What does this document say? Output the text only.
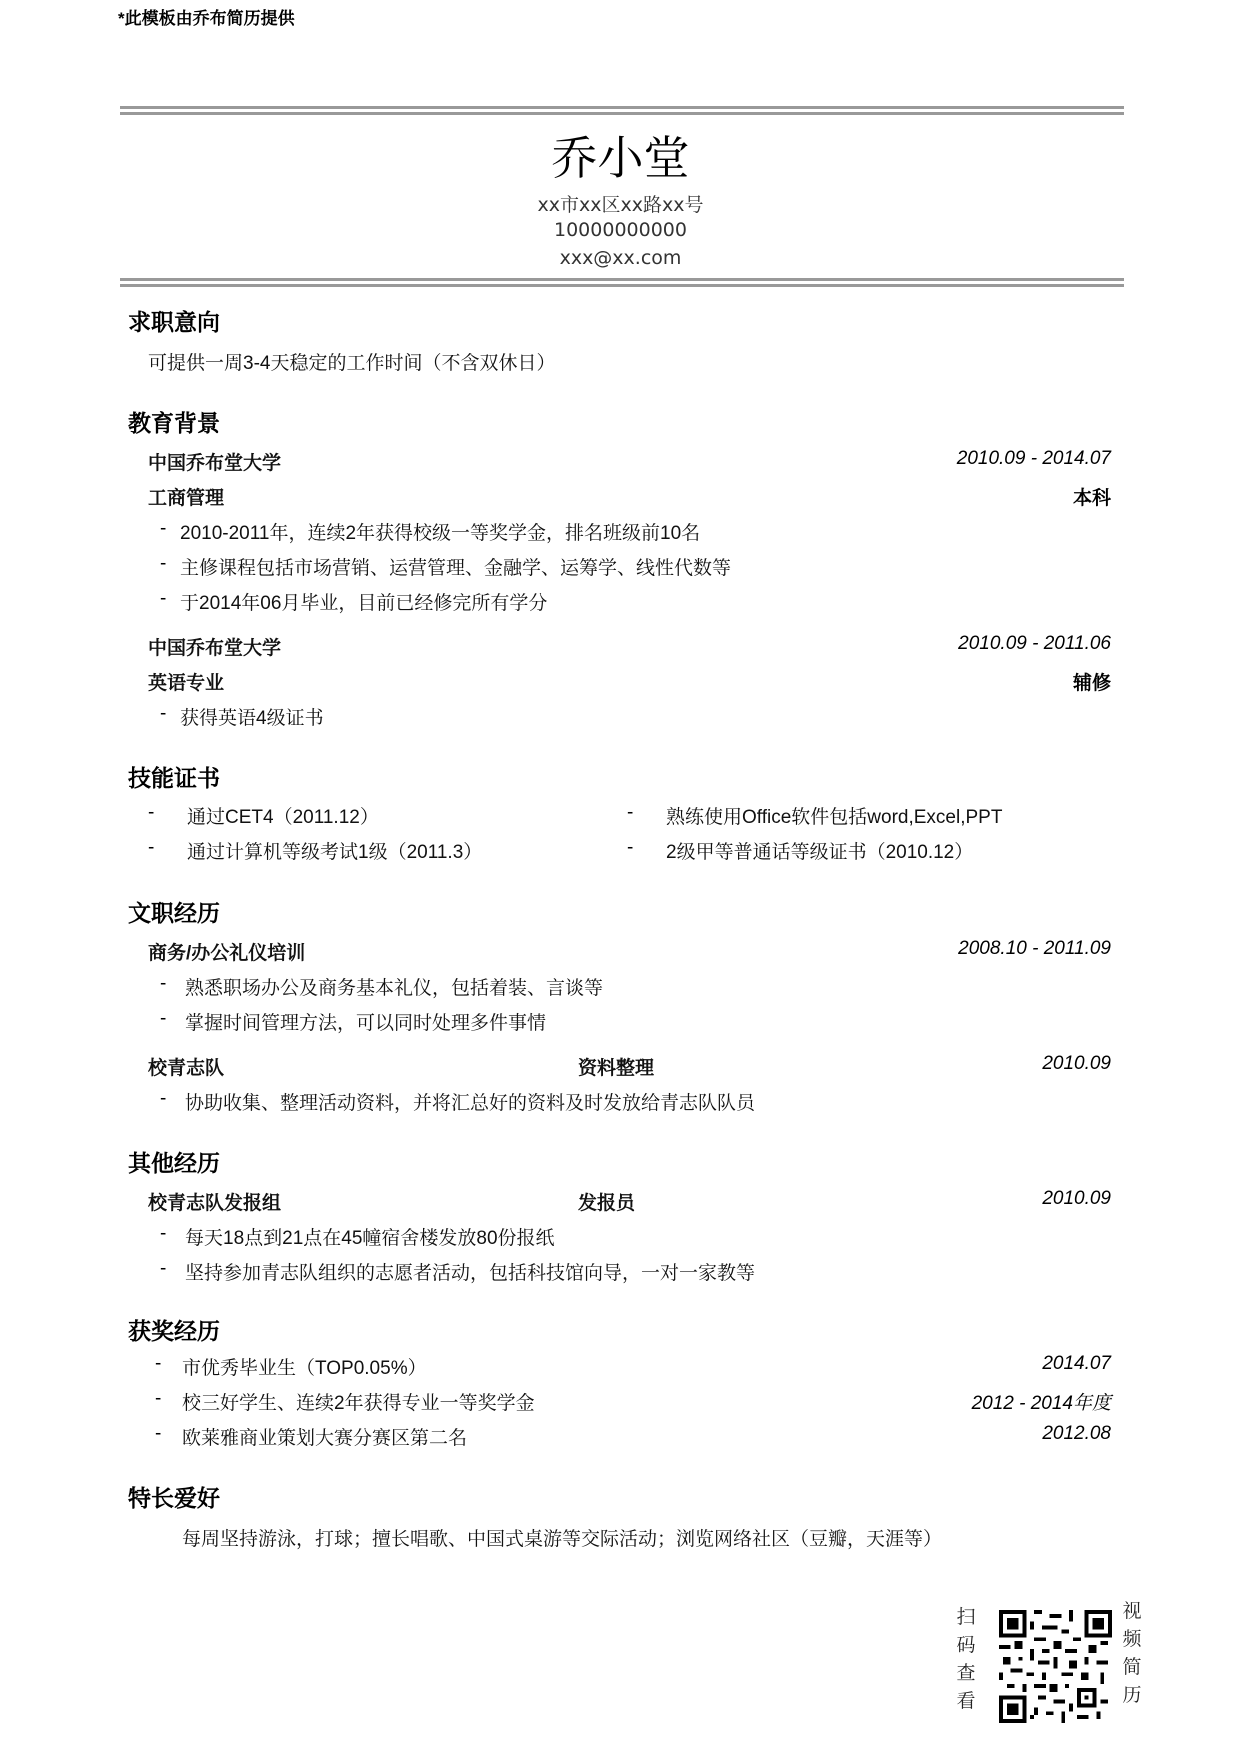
*此模板由乔布简历提供
乔小堂
xx市xx区xx路xx号
10000000000
xxx@xx.com
求职意向
可提供一周3-4天稳定的工作时间（不含双休日）
教育背景
中国乔布堂大学	2010.09 - 2014.07
工商管理	本科
- 2010-2011年，连续2年获得校级一等奖学金，排名班级前10名
- 主修课程包括市场营销、运营管理、金融学、运筹学、线性代数等
- 于2014年06月毕业，目前已经修完所有学分
中国乔布堂大学	2010.09 - 2011.06
英语专业	辅修
- 获得英语4级证书
技能证书
- 通过CET4（2011.12）	- 熟练使用Office软件包括word,Excel,PPT
- 通过计算机等级考试1级（2011.3）	- 2级甲等普通话等级证书（2010.12）
文职经历
商务/办公礼仪培训	2008.10 - 2011.09
- 熟悉职场办公及商务基本礼仪，包括着装、言谈等
- 掌握时间管理方法，可以同时处理多件事情
校青志队	资料整理	2010.09
- 协助收集、整理活动资料，并将汇总好的资料及时发放给青志队队员
其他经历
校青志队发报组	发报员	2010.09
- 每天18点到21点在45幢宿舍楼发放80份报纸
- 坚持参加青志队组织的志愿者活动，包括科技馆向导，一对一家教等
获奖经历
- 市优秀毕业生（TOP0.05%）	2014.07
- 校三好学生、连续2年获得专业一等奖学金	2012 - 2014年度
- 欧莱雅商业策划大赛分赛区第二名	2012.08
特长爱好
每周坚持游泳，打球；擅长唱歌、中国式桌游等交际活动；浏览网络社区（豆瓣，天涯等）
扫
码
查
看
视
频
简
历
